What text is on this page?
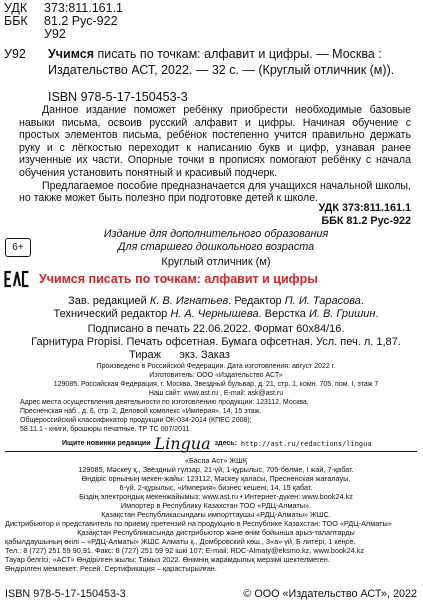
УДК 373:811.161.1
ББК 81.2 Рус-922
У92
У92 Учимся писать по точкам: алфавит и цифры. — Москва : Издательство АСТ, 2022. — 32 с. — (Круглый отличник (м)).
ISBN 978-5-17-150453-3

Данное издание поможет ребёнку приобрести необходимые базовые навыки письма, освоив русский алфавит и цифры. Начиная обучение с простых элементов письма, ребёнок постепенно учится правильно держать руку и с лёгкостью переходит к написанию букв и цифр, узнавая ранее изученные их части. Опорные точки в прописях помогают ребёнку с начала обучения установить понятный и красивый подчерк.

Предлагаемое пособие предназначается для учащихся начальной школы, но также может быть полезно при подготовке детей к школе.

УДК 373:811.161.1
ББК 81.2 Рус-922
Издание для дополнительного образования
Для старшего дошкольного возраста
Круглый отличник (м)
6+
Учимся писать по точкам: алфавит и цифры
Зав. редакцией К. В. Игнатьев. Редактор П. И. Тарасова.
Технический редактор Н. А. Чернышева. Верстка И. В. Гришин.
Подписано в печать 22.06.2022. Формат 60x84/16.
Гарнитура Propisi. Печать офсетная. Бумага офсетная. Усл. печ. л. 1,87.
Тираж      экз. Заказ
Произведено в Российской Федерации. Дата изготовления: август 2022 г.
Изготовитель: ООО «Издательство АСТ»
129085, Российская Федерация, г. Москва, Звездный бульвар, д. 21, стр. 1, комн. 705, пом. I, этаж 7
Наш сайт: www.ast.ru , E-mail: ask@ast.ru
Адрес места осуществления деятельности по изготовлению продукции: 123112, Москва,
Пресненская наб., д. 6, стр. 2, Деловой комплекс «Империя», 14, 15 этаж.
Общероссийский классификатор продукции ОК-034-2014 (КПЕС 2008);
58.11.1 - книги, брошюры печатные. ТР ТС 007/2011
Ищите новинки редакции Lingua здесь: http://ast.ru/redactions/lingua
«Баспа Аст» ЖШҚ
129085, Мәскеу қ., Звёздный гүлзар, 21-үй, 1-құрылыс, 705-бөлме, I жай, 7-қабат.
Өндіріс орнының мекен-жайы: 123112, Мәскеу қаласы, Пресненская жағалауы,
6-үй, 2-құрылыс, «Империя» бизнес кешені, 14, 15 қабат.
Біздің электрондық мекенжайымыз: www.ast.ru • Интернет-дүкен: www.book24.kz
Импортер в Республику Казахстан ТОО «РДЦ-Алматы».
Қазақстан Республикасындағы импорттаушы «РДЦ-Алматы» ЖШС.
Дистрибьютор и представитель по приему претензий на продукцию в Республике Казахстан: ТОО «РДЦ-Алматы»
Қазақстан Республикасында дистрибьютор және өнім бойынша арыз-талаптарды
қабылдаушының өкілі – «РДЦ-Алматы» ЖШС Алматы қ., Домбровский көш., 3«а» үй, Б литері, 1 кеңсе.
Тел.: 8 (727) 251 59 90,91. Факс: 8 (727) 251 59 92 ішкі 107; E-mail: RDC-Almaty@eksmo.kz, www.book24.kz
Тауар белгісі: «АСТ» Өндірілген жылы: Тамыз 2022. Өнімнің жарамдылық мерзімі шектелмеген.
Өндірілген мемлекет: Ресей. Сертификация – қарастырылған.
ISBN 978-5-17-150453-3	© ООО «Издательство АСТ», 2022
